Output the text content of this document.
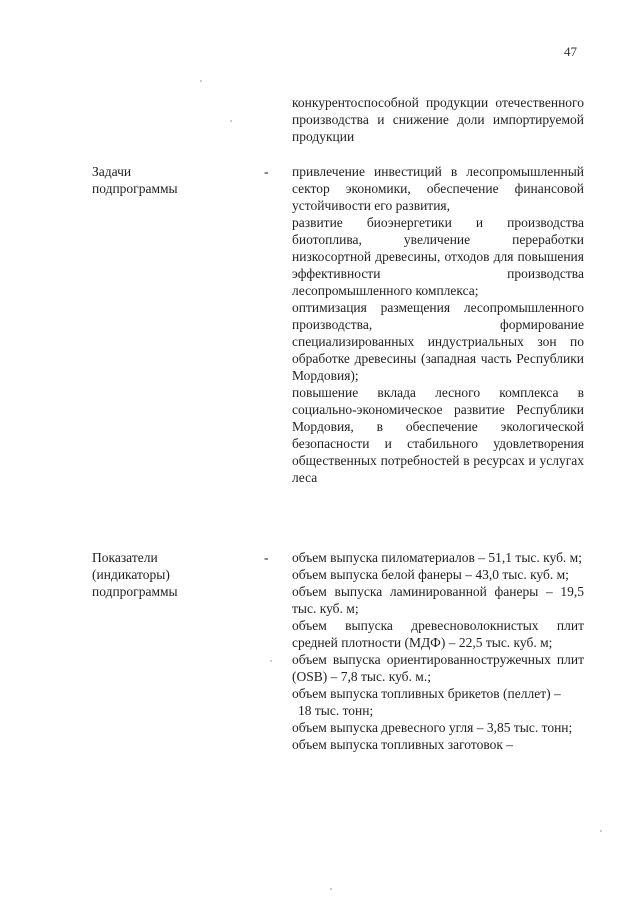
47

конкурентоспособной продукции отечественного производства и снижение доли импортируемой продукции

Задачи
подпрограммы
- привлечение инвестиций в лесопромышленный сектор экономики, обеспечение финансовой устойчивости его развития,

развитие биоэнергетики и производства биотоплива, увеличение переработки низкосортной древесины, отходов для повышения эффективности производства лесопромышленного комплекса;

оптимизация размещения лесопромышленного производства, формирование специализированных индустриальных зон по обработке древесины (западная часть Республики Мордовия);

повышение вклада лесного комплекса в социально-экономическое развитие Республики Мордовия, в обеспечение экологической безопасности и стабильного удовлетворения общественных потребностей в ресурсах и услугах леса

Показатели
(индикаторы)
подпрограммы
- объем выпуска пиломатериалов – 51,1 тыс. куб. м;

объем выпуска белой фанеры – 43,0 тыс. куб. м;

объем выпуска ламинированной фанеры – 19,5 тыс. куб. м;

объем выпуска древесноволокнистых плит средней плотности (МДФ) – 22,5 тыс. куб. м;

объем выпуска ориентированностружечных плит (OSB) – 7,8 тыс. куб. м.;

объем выпуска топливных брикетов (пеллет) –

18 тыс. тонн;

объем выпуска древесного угля – 3,85 тыс. тонн;

объем выпуска топливных заготовок –
